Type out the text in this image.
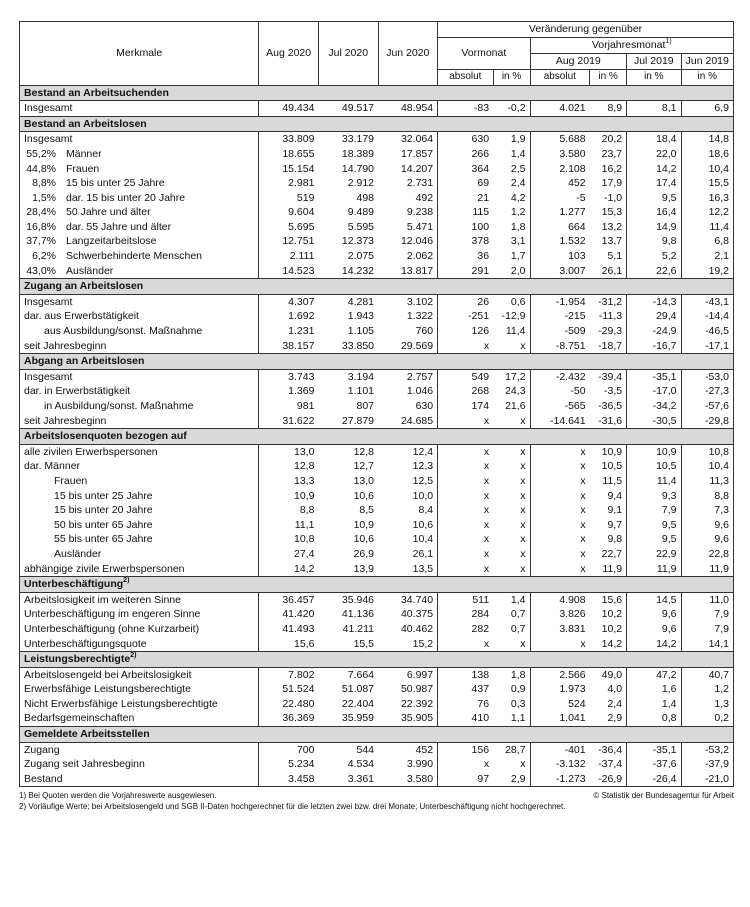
Merkmale	Aug 2020	Jul 2020	Jun 2020	Veränderung gegenüber					
				Vormonat		Vorjahresmonat$^{1)}$
						Aug 2019		Jul 2019	Jun 2019
				absolut	in %	absolut	in %	in %	in %
Bestand an Arbeitsuchenden									
Insgesamt	49.434	49.517	48.954	-83	-0,2	4.021	8,9	8,1	6,9
Bestand an Arbeitslosen									
Insgesamt	33.809	33.179	32.064	630	1,9	5.688	20,2	18,4	14,8
55,2% Männer	18.655	18.389	17.857	266	1,4	3.580	23,7	22,0	18,6
44,8% Frauen	15.154	14.790	14.207	364	2,5	2.108	16,2	14,2	10,4
8,8% 15 bis unter 25 Jahre	2.981	2.912	2.731	69	2,4	452	17,9	17,4	15,5
1,5% dar. 15 bis unter 20 Jahre	519	498	492	21	4,2	-5	-1,0	9,5	16,3
28,4% 50 Jahre und älter	9.604	9.489	9.238	115	1,2	1.277	15,3	16,4	12,2
16,8% dar. 55 Jahre und älter	5.695	5.595	5.471	100	1,8	664	13,2	14,9	11,4
37,7% Langzeitarbeitslose	12.751	12.373	12.046	378	3,1	1.532	13,7	9,8	6,8
6,2% Schwerbehinderte Menschen	2.111	2.075	2.062	36	1,7	103	5,1	5,2	2,1
43,0% Ausländer	14.523	14.232	13.817	291	2,0	3.007	26,1	22,6	19,2
Zugang an Arbeitslosen									
Insgesamt	4.307	4.281	3.102	26	0,6	-1.954	-31,2	-14,3	-43,1
dar. aus Erwerbstätigkeit	1.692	1.943	1.322	-251	-12,9	-215	-11,3	29,4	-14,4
aus Ausbildung/sonst. Maßnahme	1.231	1.105	760	126	11,4	-509	-29,3	-24,9	-46,5
seit Jahresbeginn	38.157	33.850	29.569	x	x	-8.751	-18,7	-16,7	-17,1
Abgang an Arbeitslosen									
Insgesamt	3.743	3.194	2.757	549	17,2	-2.432	-39,4	-35,1	-53,0
dar. in Erwerbstätigkeit	1.369	1.101	1.046	268	24,3	-50	-3,5	-17,0	-27,3
in Ausbildung/sonst. Maßnahme	981	807	630	174	21,6	-565	-36,5	-34,2	-57,6
seit Jahresbeginn	31.622	27.879	24.685	x	x	-14.641	-31,6	-30,5	-29,8
Arbeitslosenquoten bezogen auf									
alle zivilen Erwerbspersonen	13,0	12,8	12,4	x	x	x	10,9	10,9	10,8
dar. Männer	12,8	12,7	12,3	x	x	x	10,5	10,5	10,4
Frauen	13,3	13,0	12,5	x	x	x	11,5	11,4	11,3
15 bis unter 25 Jahre	10,9	10,6	10,0	x	x	x	9,4	9,3	8,8
15 bis unter 20 Jahre	8,8	8,5	8,4	x	x	x	9,1	7,9	7,3
50 bis unter 65 Jahre	11,1	10,9	10,6	x	x	x	9,7	9,5	9,6
55 bis unter 65 Jahre	10,8	10,6	10,4	x	x	x	9,8	9,5	9,6
Ausländer	27,4	26,9	26,1	x	x	x	22,7	22,9	22,8
abhängige zivile Erwerbspersonen	14,2	13,9	13,5	x	x	x	11,9	11,9	11,9
Unterbeschäftigung$^{2)}$
Arbeitslosigkeit im weiteren Sinne	36.457	35.946	34.740	511	1,4	4.908	15,6	14,5	11,0
Unterbeschäftigung im engeren Sinne	41.420	41.136	40.375	284	0,7	3.826	10,2	9,6	7,9
Unterbeschäftigung (ohne Kurzarbeit)	41.493	41.211	40.462	282	0,7	3.831	10,2	9,6	7,9
Unterbeschäftigungsquote	15,6	15,5	15,2	x	x	x	14,2	14,2	14,1
Leistungsberechtigte$^{2)}$
Arbeitslosengeld bei Arbeitslosigkeit	7.802	7.664	6.997	138	1,8	2.566	49,0	47,2	40,7
Erwerbsfähige Leistungsberechtigte	51.524	51.087	50.987	437	0,9	1.973	4,0	1,6	1,2
Nicht Erwerbsfähige Leistungsberechtigte	22.480	22.404	22.392	76	0,3	524	2,4	1,4	1,3
Bedarfsgemeinschaften	36.369	35.959	35.905	410	1,1	1.041	2,9	0,8	0,2
Gemeldete Arbeitsstellen									
Zugang	700	544	452	156	28,7	-401	-36,4	-35,1	-53,2
Zugang seit Jahresbeginn	5.234	4.534	3.990	x	x	-3.132	-37,4	-37,6	-37,9
Bestand	3.458	3.361	3.580	97	2,9	-1.273	-26,9	-26,4	-21,0
1) Bei Quoten werden die Vorjahreswerte ausgewiesen.	© Statistik der Bundesagentur für Arbeit
2) Vorläufige Werte; bei Arbeitslosengeld und SGB II-Daten hochgerechnet für die letzten zwei bzw. drei Monate; Unterbeschäftigung nicht hochgerechnet.
